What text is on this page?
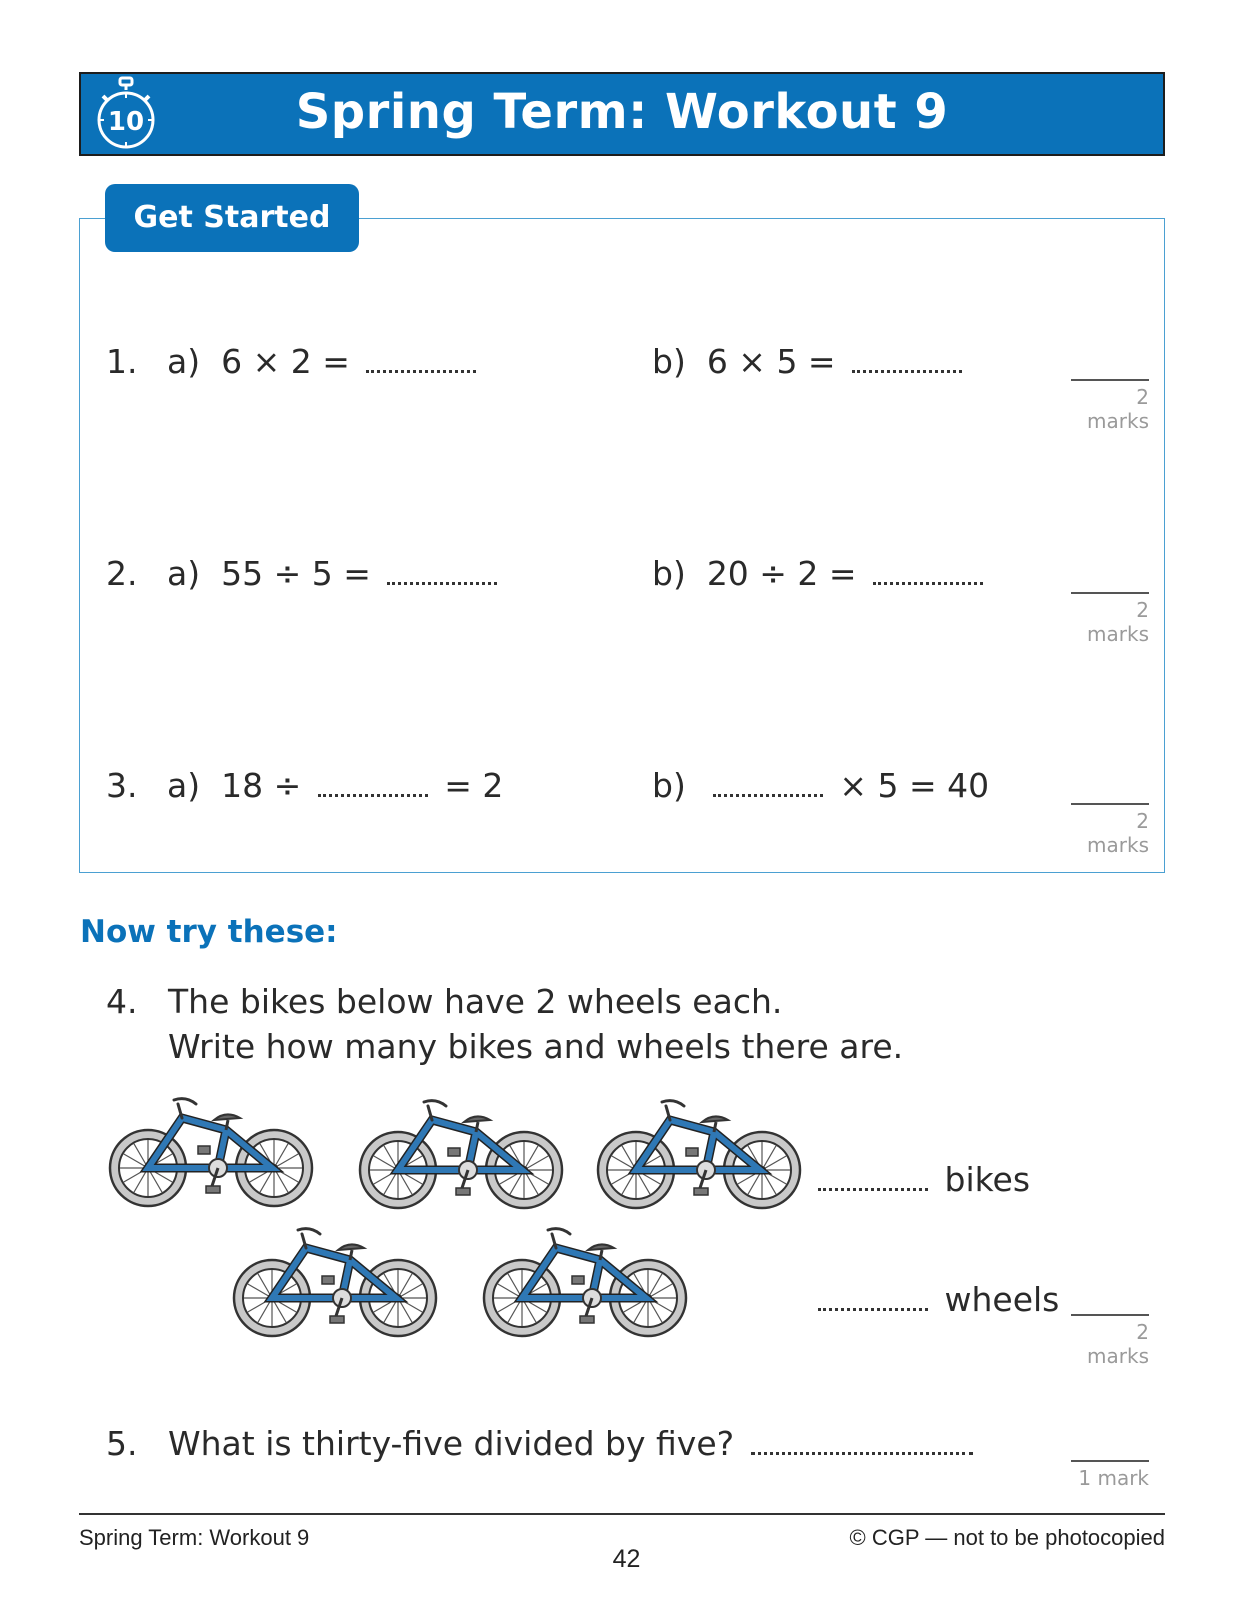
10	Spring Term: Workout 9
Get Started
1. a) 6 × 2 =	b) 6 × 5 =
2 marks
2. a) 55 ÷ 5 =	b) 20 ÷ 2 =
2 marks
3. a) 18 ÷	= 2	b)	× 5 = 40
2 marks
Now try these:
4. The bikes below have 2 wheels each.
Write how many bikes and wheels there are.
bikes
wheels
2 marks
5. What is thirty-five divided by five?
1 mark
Spring Term: Workout 9	© CGP — not to be photocopied
42
